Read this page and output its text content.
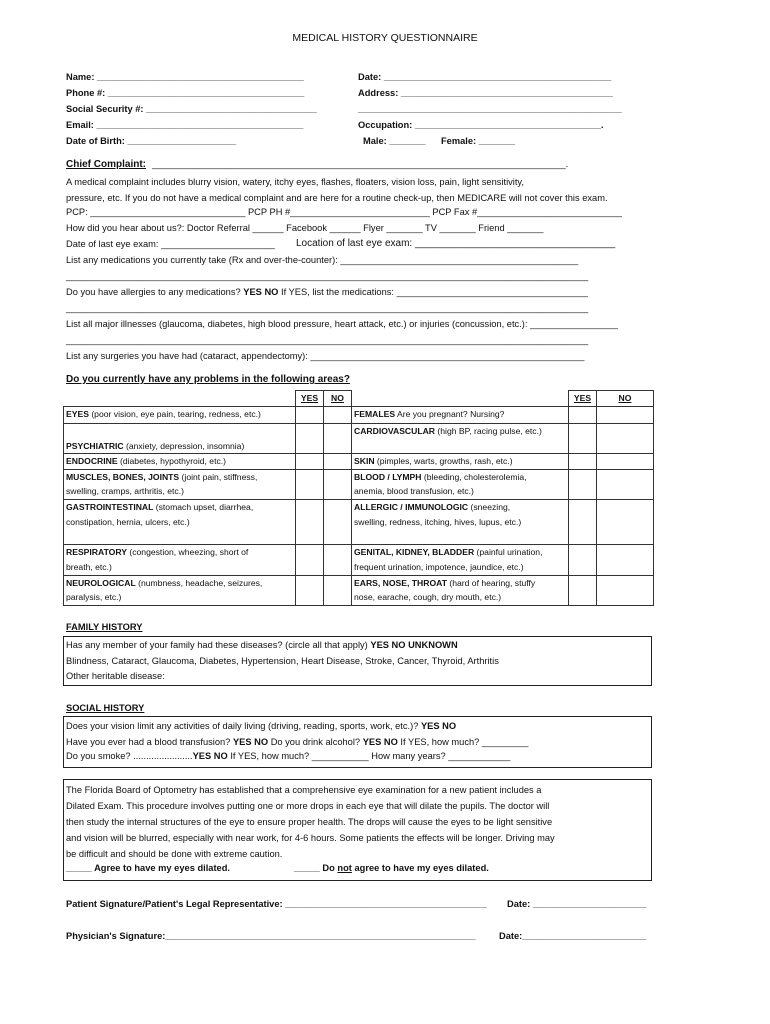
MEDICAL HISTORY QUESTIONNAIRE
Name: ________________________________________	Date: ____________________________________________
Phone #: ______________________________________	Address: _________________________________________
Social Security #: _________________________________	___________________________________________________
Email: ________________________________________	Occupation: ____________________________________.
Date of Birth: _____________________	Male: _______ Female: _______
Chief Complaint: ________________________________________________________________________________.
A medical complaint includes blurry vision, watery, itchy eyes, flashes, floaters, vision loss, pain, light sensitivity,
pressure, etc. If you do not have a medical complaint and are here for a routine check-up, then MEDICARE will not cover this exam.
PCP: ______________________________ PCP PH #___________________________ PCP Fax #____________________________
How did you hear about us?: Doctor Referral ______ Facebook ______ Flyer _______ TV _______ Friend _______
Date of last eye exam: ______________________ Location of last eye exam: ____________________________________
List any medications you currently take (Rx and over-the-counter): ______________________________________________
_____________________________________________________________________________________________________
Do you have allergies to any medications? YES NO If YES, list the medications: _____________________________________
_____________________________________________________________________________________________________
List all major illnesses (glaucoma, diabetes, high blood pressure, heart attack, etc.) or injuries (concussion, etc.): _________________
_____________________________________________________________________________________________________
List any surgeries you have had (cataract, appendectomy): _____________________________________________________
Do you currently have any problems in the following areas?
	YES	NO		YES	NO
EYES (poor vision, eye pain, tearing, redness, etc.)			FEMALES Are you pregnant? Nursing?		
PSYCHIATRIC (anxiety, depression, insomnia)			CARDIOVASCULAR (high BP, racing pulse, etc.)		
ENDOCRINE (diabetes, hypothyroid, etc.)			SKIN (pimples, warts, growths, rash, etc.)		
MUSCLES, BONES, JOINTS (joint pain, stiffness,
swelling, cramps, arthritis, etc.)			BLOOD / LYMPH (bleeding, cholesterolemia,
anemia, blood transfusion, etc.)		
GASTROINTESTINAL (stomach upset, diarrhea,
constipation, hernia, ulcers, etc.)			ALLERGIC / IMMUNOLOGIC (sneezing,
swelling, redness, itching, hives, lupus, etc.)		
RESPIRATORY (congestion, wheezing, short of
breath, etc.)			GENITAL, KIDNEY, BLADDER (painful urination,
frequent urination, impotence, jaundice, etc.)		
NEUROLOGICAL (numbness, headache, seizures,
paralysis, etc.)			EARS, NOSE, THROAT (hard of hearing, stuffy
nose, earache, cough, dry mouth, etc.)		
FAMILY HISTORY
Has any member of your family had these diseases? (circle all that apply) YES NO UNKNOWN
Blindness, Cataract, Glaucoma, Diabetes, Hypertension, Heart Disease, Stroke, Cancer, Thyroid, Arthritis
Other heritable disease:
SOCIAL HISTORY
Does your vision limit any activities of daily living (driving, reading, sports, work, etc.)? YES NO
Have you ever had a blood transfusion? YES NO Do you drink alcohol? YES NO If YES, how much? _________
Do you smoke? .......................YES NO If YES, how much? ___________ How many years? ____________
The Florida Board of Optometry has established that a comprehensive eye examination for a new patient includes a
Dilated Exam. This procedure involves putting one or more drops in each eye that will dilate the pupils. The doctor will
then study the internal structures of the eye to ensure proper health. The drops will cause the eyes to be light sensitive
and vision will be blurred, especially with near work, for 4-6 hours. Some patients the effects will be longer. Driving may
be difficult and should be done with extreme caution.
_____ Agree to have my eyes dilated.	_____ Do not agree to have my eyes dilated.
Patient Signature/Patient's Legal Representative: _______________________________________ Date: ______________________
Physician's Signature:____________________________________________________________	Date:________________________
